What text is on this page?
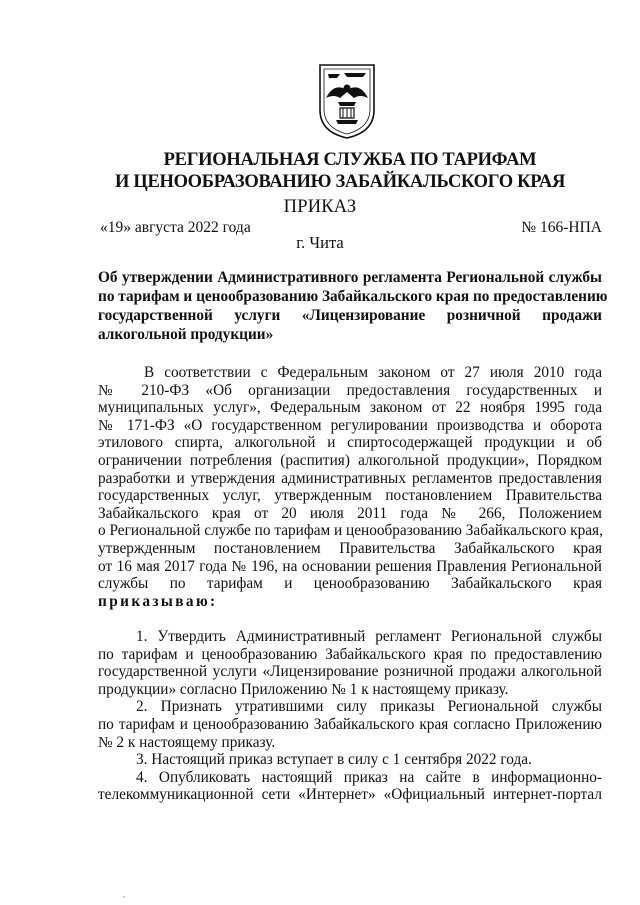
РЕГИОНАЛЬНАЯ СЛУЖБА ПО ТАРИФАМ
И ЦЕНООБРАЗОВАНИЮ ЗАБАЙКАЛЬСКОГО КРАЯ
ПРИКАЗ
«19» августа 2022 года	№ 166-НПА
г. Чита
Об утверждении Административного регламента Региональной службы
по тарифам и ценообразованию Забайкальского края по предоставлению
государственной услуги «Лицензирование розничной продажи
алкогольной продукции»
В соответствии с Федеральным законом от 27 июля 2010 года
№ 210-ФЗ «Об организации предоставления государственных и
муниципальных услуг», Федеральным законом от 22 ноября 1995 года
№ 171-ФЗ «О государственном регулировании производства и оборота
этилового спирта, алкогольной и спиртосодержащей продукции и об
ограничении потребления (распития) алкогольной продукции», Порядком
разработки и утверждения административных регламентов предоставления
государственных услуг, утвержденным постановлением Правительства
Забайкальского края от 20 июля 2011 года № 266, Положением
о Региональной службе по тарифам и ценообразованию Забайкальского края,
утвержденным постановлением Правительства Забайкальского края
от 16 мая 2017 года № 196, на основании решения Правления Региональной
службы по тарифам и ценообразованию Забайкальского края
приказываю:
1. Утвердить Административный регламент Региональной службы
по тарифам и ценообразованию Забайкальского края по предоставлению
государственной услуги «Лицензирование розничной продажи алкогольной
продукции» согласно Приложению № 1 к настоящему приказу.
2. Признать утратившими силу приказы Региональной службы
по тарифам и ценообразованию Забайкальского края согласно Приложению
№ 2 к настоящему приказу.
3. Настоящий приказ вступает в силу с 1 сентября 2022 года.
4. Опубликовать настоящий приказ на сайте в информационно-
телекоммуникационной сети «Интернет» «Официальный интернет-портал
